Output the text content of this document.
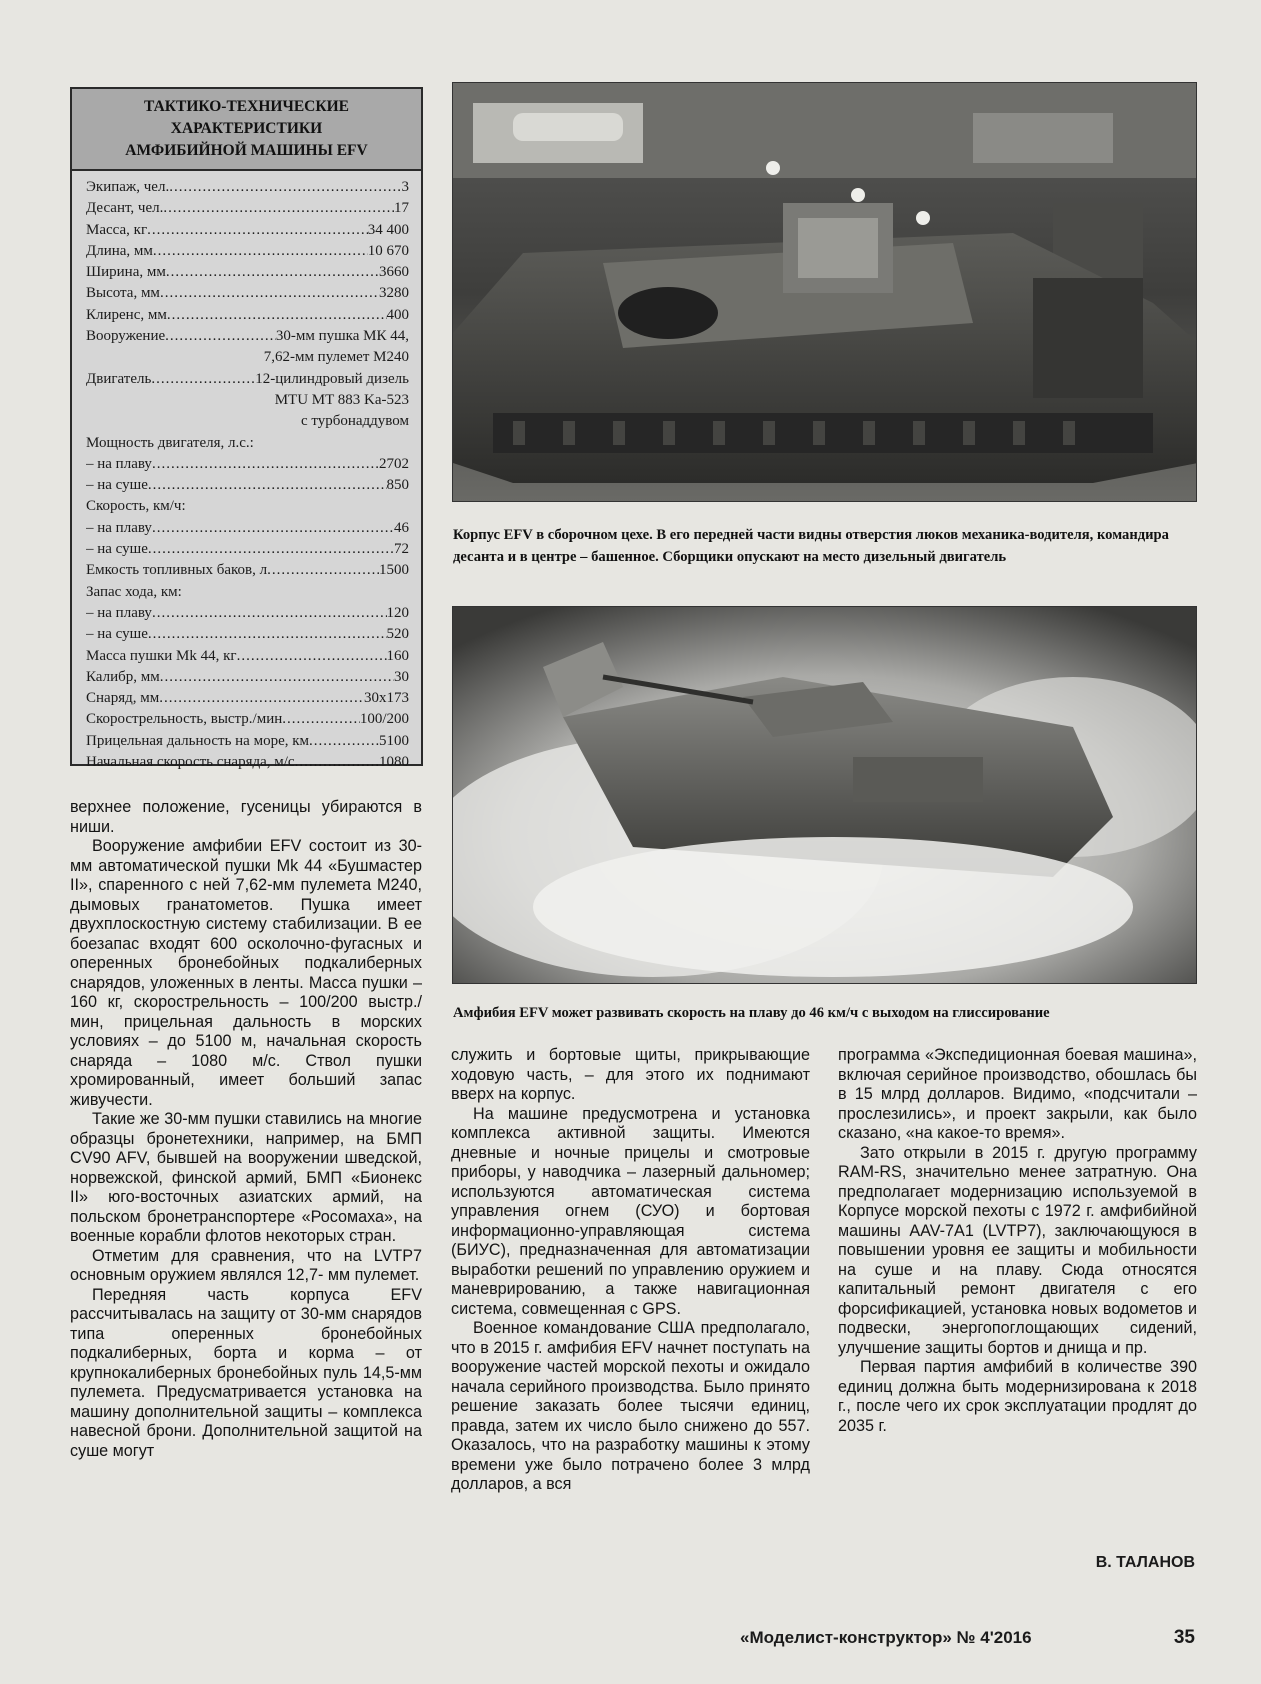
ТАКТИКО-ТЕХНИЧЕСКИЕ
ХАРАКТЕРИСТИКИ
АМФИБИЙНОЙ МАШИНЫ EFV
Экипаж, чел. .....	3
Десант, чел. .....	17
Масса, кг .....	34 400
Длина, мм .....	10 670
Ширина, мм .....	3660
Высота, мм .....	3280
Клиренс, мм .....	400
Вооружение .....	30-мм пушка МК 44,
7,62-мм пулемет М240
Двигатель .....	12-цилиндровый дизель
MTU MT 883 Ka-523
с турбонаддувом
Мощность двигателя, л.с.:
– на плаву .....	2702
– на суше .....	850
Скорость, км/ч:
– на плаву .....	46
– на суше .....	72
Емкость топливных баков, л .....	1500
Запас хода, км:
– на плаву .....	120
– на суше .....	520
Масса пушки Mk 44, кг .....	160
Калибр, мм .....	30
Снаряд, мм .....	30x173
Скорострельность, выстр./мин .....	100/200
Прицельная дальность на море, км .....	5100
Начальная скорость снаряда, м/с .....	1080
Корпус EFV в сборочном цехе. В его передней части видны отверстия люков механика-водителя, командира десанта и в центре – башенное. Сборщики опускают на место дизельный двигатель
Амфибия EFV может развивать скорость на плаву до 46 км/ч с выходом на глиссирование

верхнее положение, гусеницы убираются в ниши.

Вооружение амфибии EFV состоит из 30-мм автоматической пушки Mk 44 «Бушмастер II», спаренного с ней 7,62-мм пулемета М240, дымовых гранатометов. Пушка имеет двухплоскостную систему стабилизации. В ее боезапас входят 600 осколочно-фугасных и оперенных бронебойных подкалиберных снарядов, уложенных в ленты. Масса пушки – 160 кг, скорострельность – 100/200 выстр./мин, прицельная дальность в морских условиях – до 5100 м, начальная скорость снаряда – 1080 м/с. Ствол пушки хромированный, имеет больший запас живучести.

Такие же 30-мм пушки ставились на многие образцы бронетехники, например, на БМП CV90 AFV, бывшей на вооружении шведской, норвежской, финской армий, БМП «Бионекс II» юго-восточных азиатских армий, на польском бронетранспортере «Росомаха», на военные корабли флотов некоторых стран.

Отметим для сравнения, что на LVTP7 основным оружием являлся 12,7- мм пулемет.

Передняя часть корпуса EFV рассчитывалась на защиту от 30-мм снарядов типа оперенных бронебойных подкалиберных, борта и корма – от крупнокалиберных бронебойных пуль 14,5-мм пулемета. Предусматривается установка на машину дополнительной защиты – комплекса навесной брони. Дополнительной защитой на суше могут

служить и бортовые щиты, прикрывающие ходовую часть, – для этого их поднимают вверх на корпус.

На машине предусмотрена и установка комплекса активной защиты. Имеются дневные и ночные прицелы и смотровые приборы, у наводчика – лазерный дальномер; используются автоматическая система управления огнем (СУО) и бортовая информационно-управляющая система (БИУС), предназначенная для автоматизации выработки решений по управлению оружием и маневрированию, а также навигационная система, совмещенная с GPS.

Военное командование США предполагало, что в 2015 г. амфибия EFV начнет поступать на вооружение частей морской пехоты и ожидало начала серийного производства. Было принято решение заказать более тысячи единиц, правда, затем их число было снижено до 557. Оказалось, что на разработку машины к этому времени уже было потрачено более 3 млрд долларов, а вся

программа «Экспедиционная боевая машина», включая серийное производство, обошлась бы в 15 млрд долларов. Видимо, «подсчитали – прослезились», и проект закрыли, как было сказано, «на какое-то время».

Зато открыли в 2015 г. другую программу RAM-RS, значительно менее затратную. Она предполагает модернизацию используемой в Корпусе морской пехоты с 1972 г. амфибийной машины AAV-7A1 (LVTP7), заключающуюся в повышении уровня ее защиты и мобильности на суше и на плаву. Сюда относятся капитальный ремонт двигателя с его форсификацией, установка новых водометов и подвески, энергопоглощающих сидений, улучшение защиты бортов и днища и пр.

Первая партия амфибий в количестве 390 единиц должна быть модернизирована к 2018 г., после чего их срок эксплуатации продлят до 2035 г.

В. ТАЛАНОВ
«Моделист-конструктор» № 4'2016	35
